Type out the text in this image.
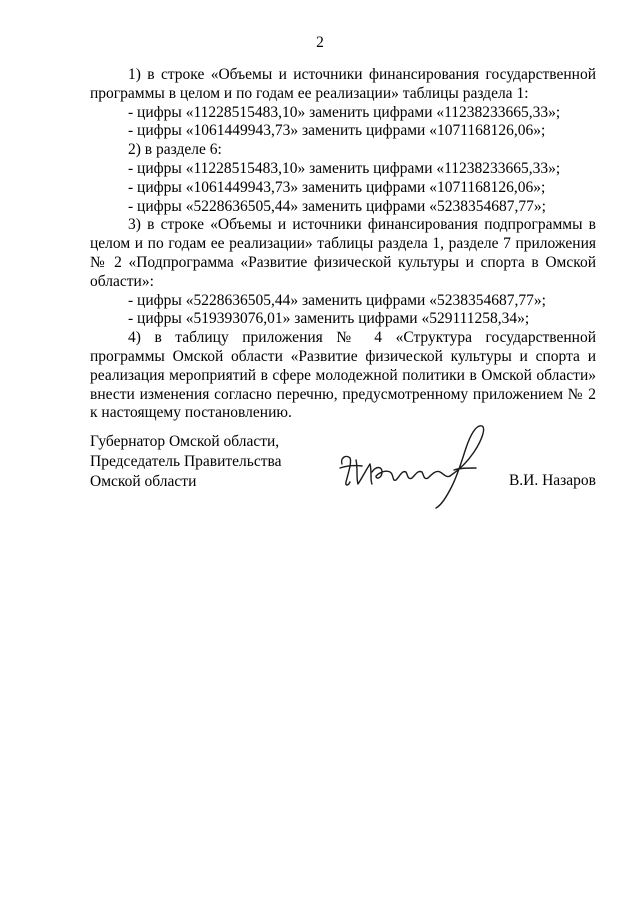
2

1) в строке «Объемы и источники финансирования государственной программы в целом и по годам ее реализации» таблицы раздела 1:

- цифры «11228515483,10» заменить цифрами «11238233665,33»;

- цифры «1061449943,73» заменить цифрами «1071168126,06»;

2) в разделе 6:

- цифры «11228515483,10» заменить цифрами «11238233665,33»;

- цифры «1061449943,73» заменить цифрами «1071168126,06»;

- цифры «5228636505,44» заменить цифрами «5238354687,77»;

3) в строке «Объемы и источники финансирования подпрограммы в целом и по годам ее реализации» таблицы раздела 1, разделе 7 приложения № 2 «Подпрограмма «Развитие физической культуры и спорта в Омской области»:

- цифры «5228636505,44» заменить цифрами «5238354687,77»;

- цифры «519393076,01» заменить цифрами «529111258,34»;

4) в таблицу приложения № 4 «Структура государственной программы Омской области «Развитие физической культуры и спорта и реализация мероприятий в сфере молодежной политики в Омской области» внести изменения согласно перечню, предусмотренному приложением № 2 к настоящему постановлению.

Губернатор Омской области,
Председатель Правительства
Омской области	В.И. Назаров
